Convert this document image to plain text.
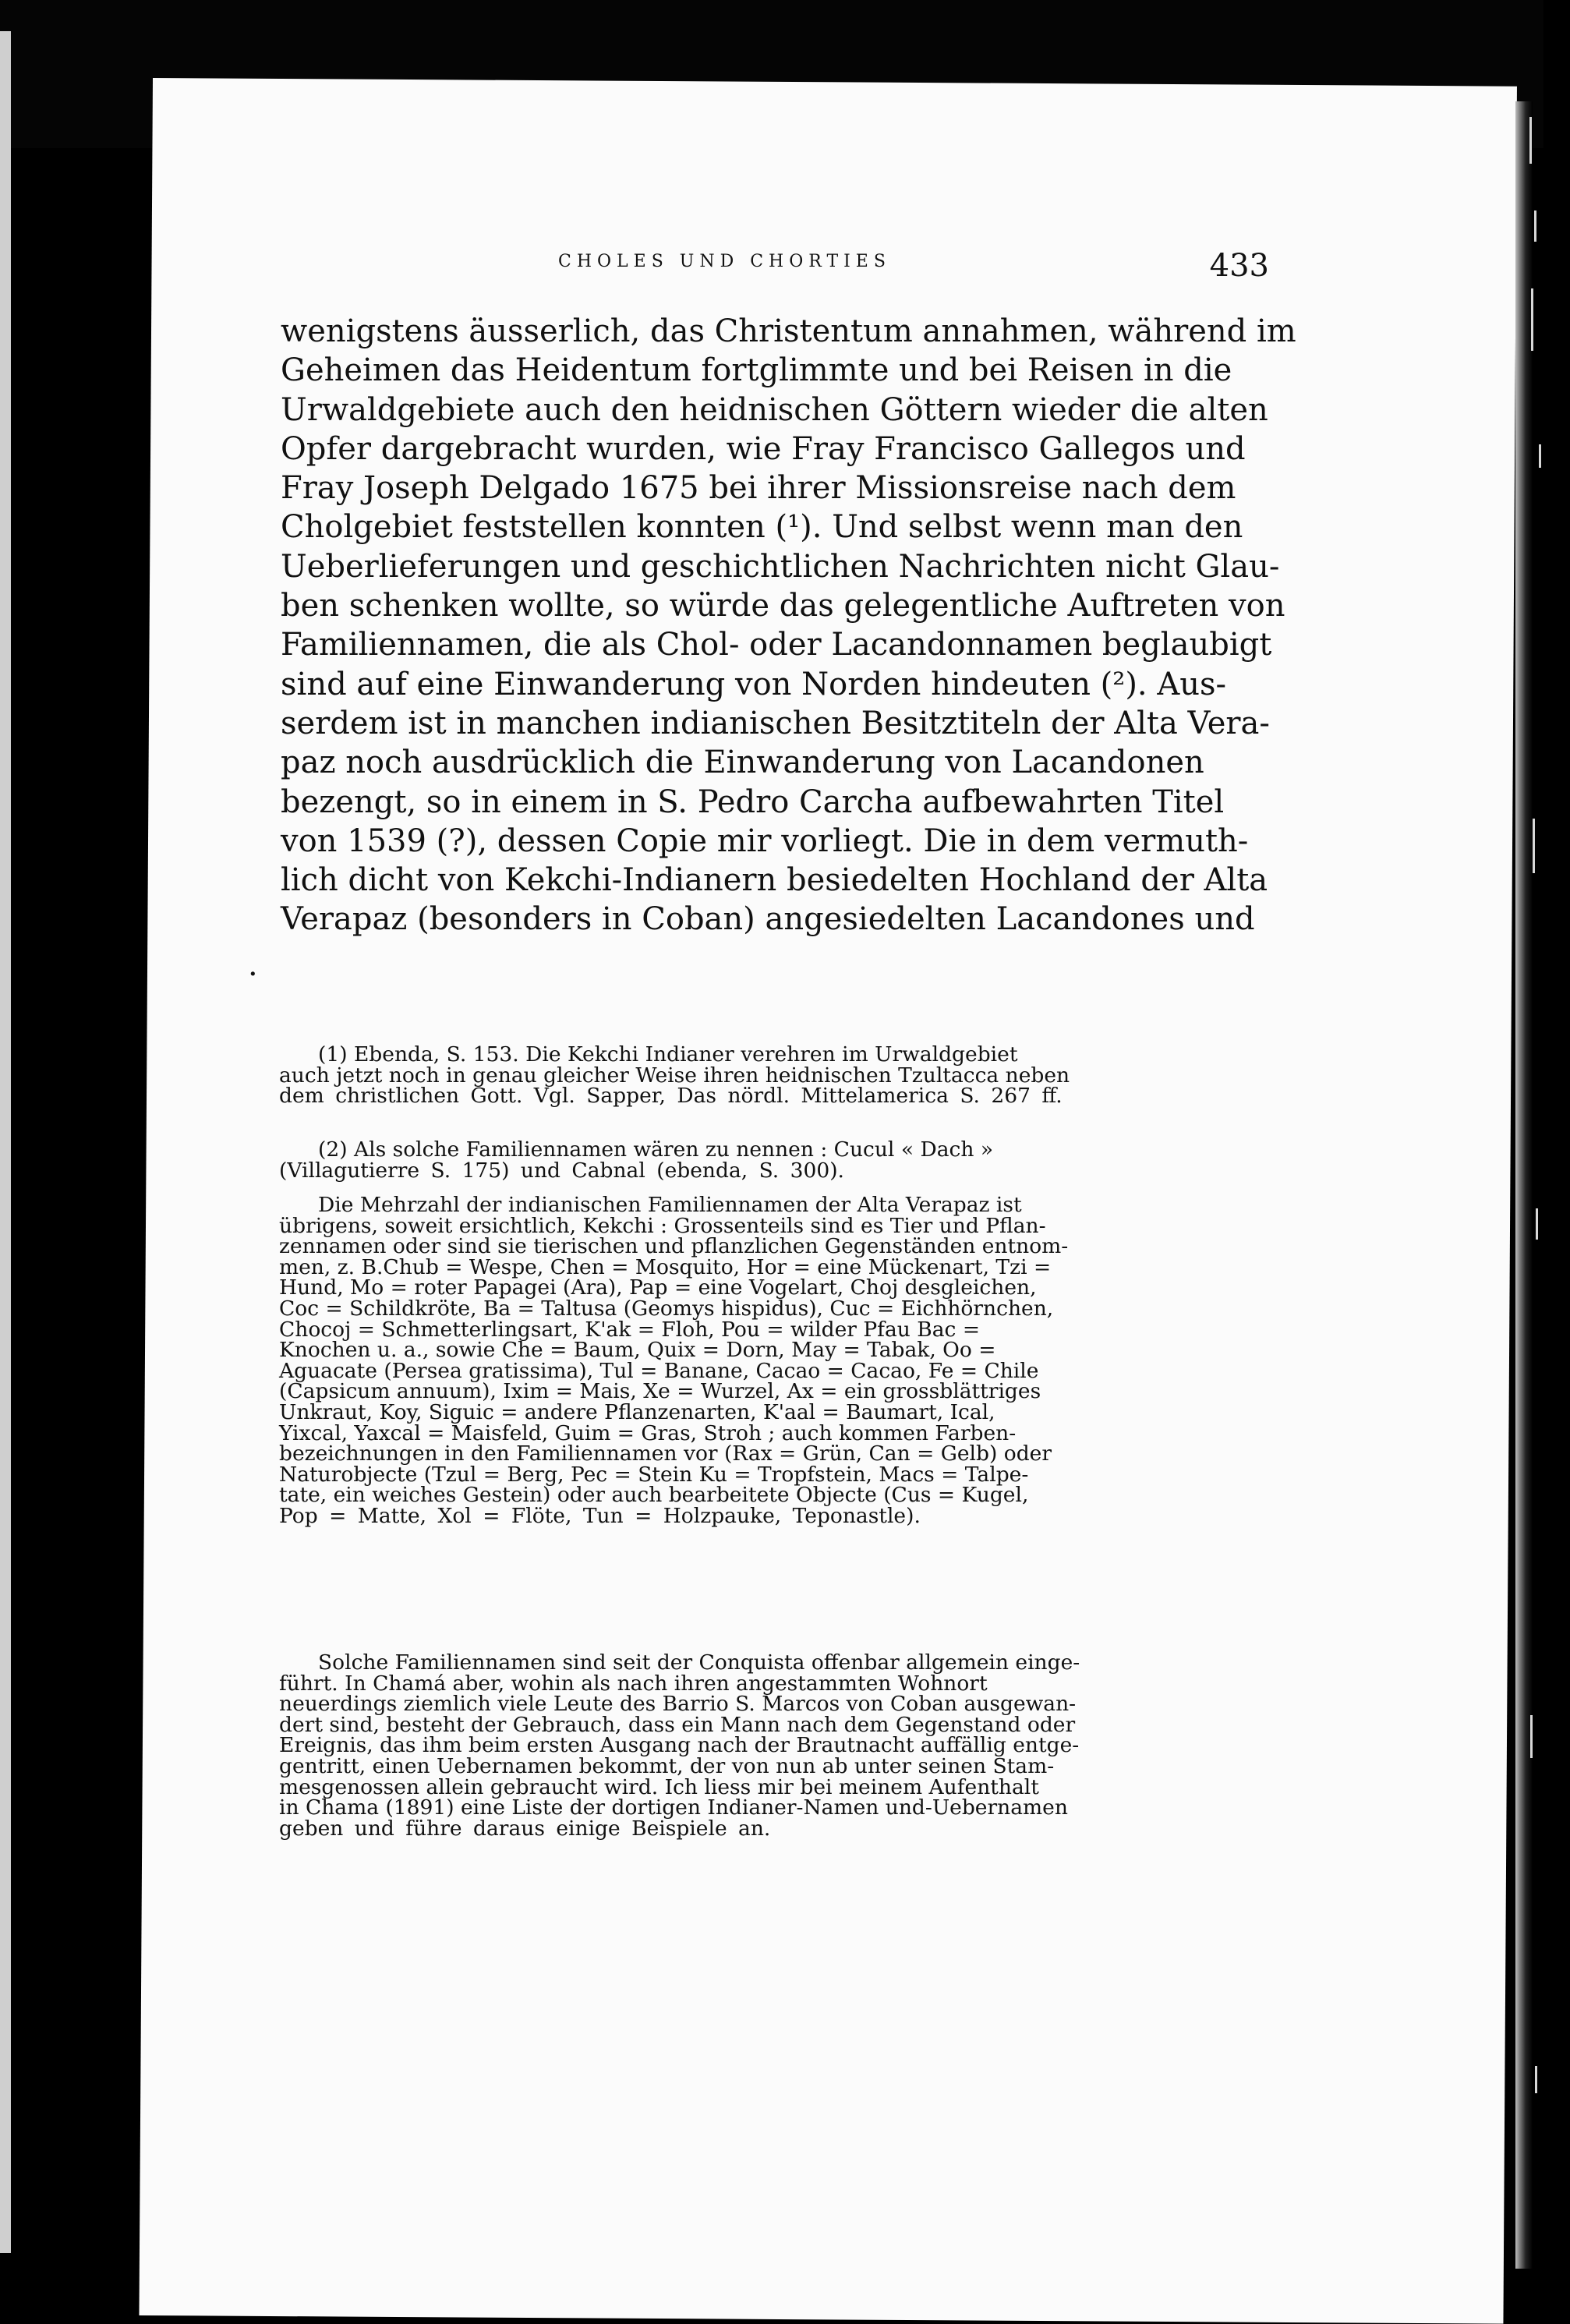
CHOLES UND CHORTIES	433
wenigstens äusserlich, das Christentum annahmen, während im
Geheimen das Heidentum fortglimmte und bei Reisen in die
Urwaldgebiete auch den heidnischen Göttern wieder die alten
Opfer dargebracht wurden, wie Fray Francisco Gallegos und
Fray Joseph Delgado 1675 bei ihrer Missionsreise nach dem
Cholgebiet feststellen konnten (¹). Und selbst wenn man den
Ueberlieferungen und geschichtlichen Nachrichten nicht Glau-
ben schenken wollte, so würde das gelegentliche Auftreten von
Familiennamen, die als Chol- oder Lacandonnamen beglaubigt
sind auf eine Einwanderung von Norden hindeuten (²). Aus-
serdem ist in manchen indianischen Besitztiteln der Alta Vera-
paz noch ausdrücklich die Einwanderung von Lacandonen
bezengt, so in einem in S. Pedro Carcha aufbewahrten Titel
von 1539 (?), dessen Copie mir vorliegt. Die in dem vermuth-
lich dicht von Kekchi-Indianern besiedelten Hochland der Alta
Verapaz (besonders in Coban) angesiedelten Lacandones und
·
(1) Ebenda, S. 153. Die Kekchi Indianer verehren im Urwaldgebiet
auch jetzt noch in genau gleicher Weise ihren heidnischen Tzultacca neben
dem christlichen Gott. Vgl. Sapper, Das nördl. Mittelamerica S. 267 ff.
(2) Als solche Familiennamen wären zu nennen : Cucul « Dach »
(Villagutierre S. 175) und Cabnal (ebenda, S. 300).
Die Mehrzahl der indianischen Familiennamen der Alta Verapaz ist
übrigens, soweit ersichtlich, Kekchi : Grossenteils sind es Tier und Pflan-
zennamen oder sind sie tierischen und pflanzlichen Gegenständen entnom-
men, z. B.Chub = Wespe, Chen = Mosquito, Hor = eine Mückenart, Tzi =
Hund, Mo = roter Papagei (Ara), Pap = eine Vogelart, Choj desgleichen,
Coc = Schildkröte, Ba = Taltusa (Geomys hispidus), Cuc = Eichhörnchen,
Chocoj = Schmetterlingsart, K'ak = Floh, Pou = wilder Pfau Bac =
Knochen u. a., sowie Che = Baum, Quix = Dorn, May = Tabak, Oo =
Aguacate (Persea gratissima), Tul = Banane, Cacao = Cacao, Fe = Chile
(Capsicum annuum), Ixim = Mais, Xe = Wurzel, Ax = ein grossblättriges
Unkraut, Koy, Siguic = andere Pflanzenarten, K'aal = Baumart, Ical,
Yixcal, Yaxcal = Maisfeld, Guim = Gras, Stroh ; auch kommen Farben-
bezeichnungen in den Familiennamen vor (Rax = Grün, Can = Gelb) oder
Naturobjecte (Tzul = Berg, Pec = Stein Ku = Tropfstein, Macs = Talpe-
tate, ein weiches Gestein) oder auch bearbeitete Objecte (Cus = Kugel,
Pop = Matte, Xol = Flöte, Tun = Holzpauke, Teponastle).
Solche Familiennamen sind seit der Conquista offenbar allgemein einge-
führt. In Chamá aber, wohin als nach ihren angestammten Wohnort
neuerdings ziemlich viele Leute des Barrio S. Marcos von Coban ausgewan-
dert sind, besteht der Gebrauch, dass ein Mann nach dem Gegenstand oder
Ereignis, das ihm beim ersten Ausgang nach der Brautnacht auffällig entge-
gentritt, einen Uebernamen bekommt, der von nun ab unter seinen Stam-
mesgenossen allein gebraucht wird. Ich liess mir bei meinem Aufenthalt
in Chama (1891) eine Liste der dortigen Indianer-Namen und-Uebernamen
geben und führe daraus einige Beispiele an.
